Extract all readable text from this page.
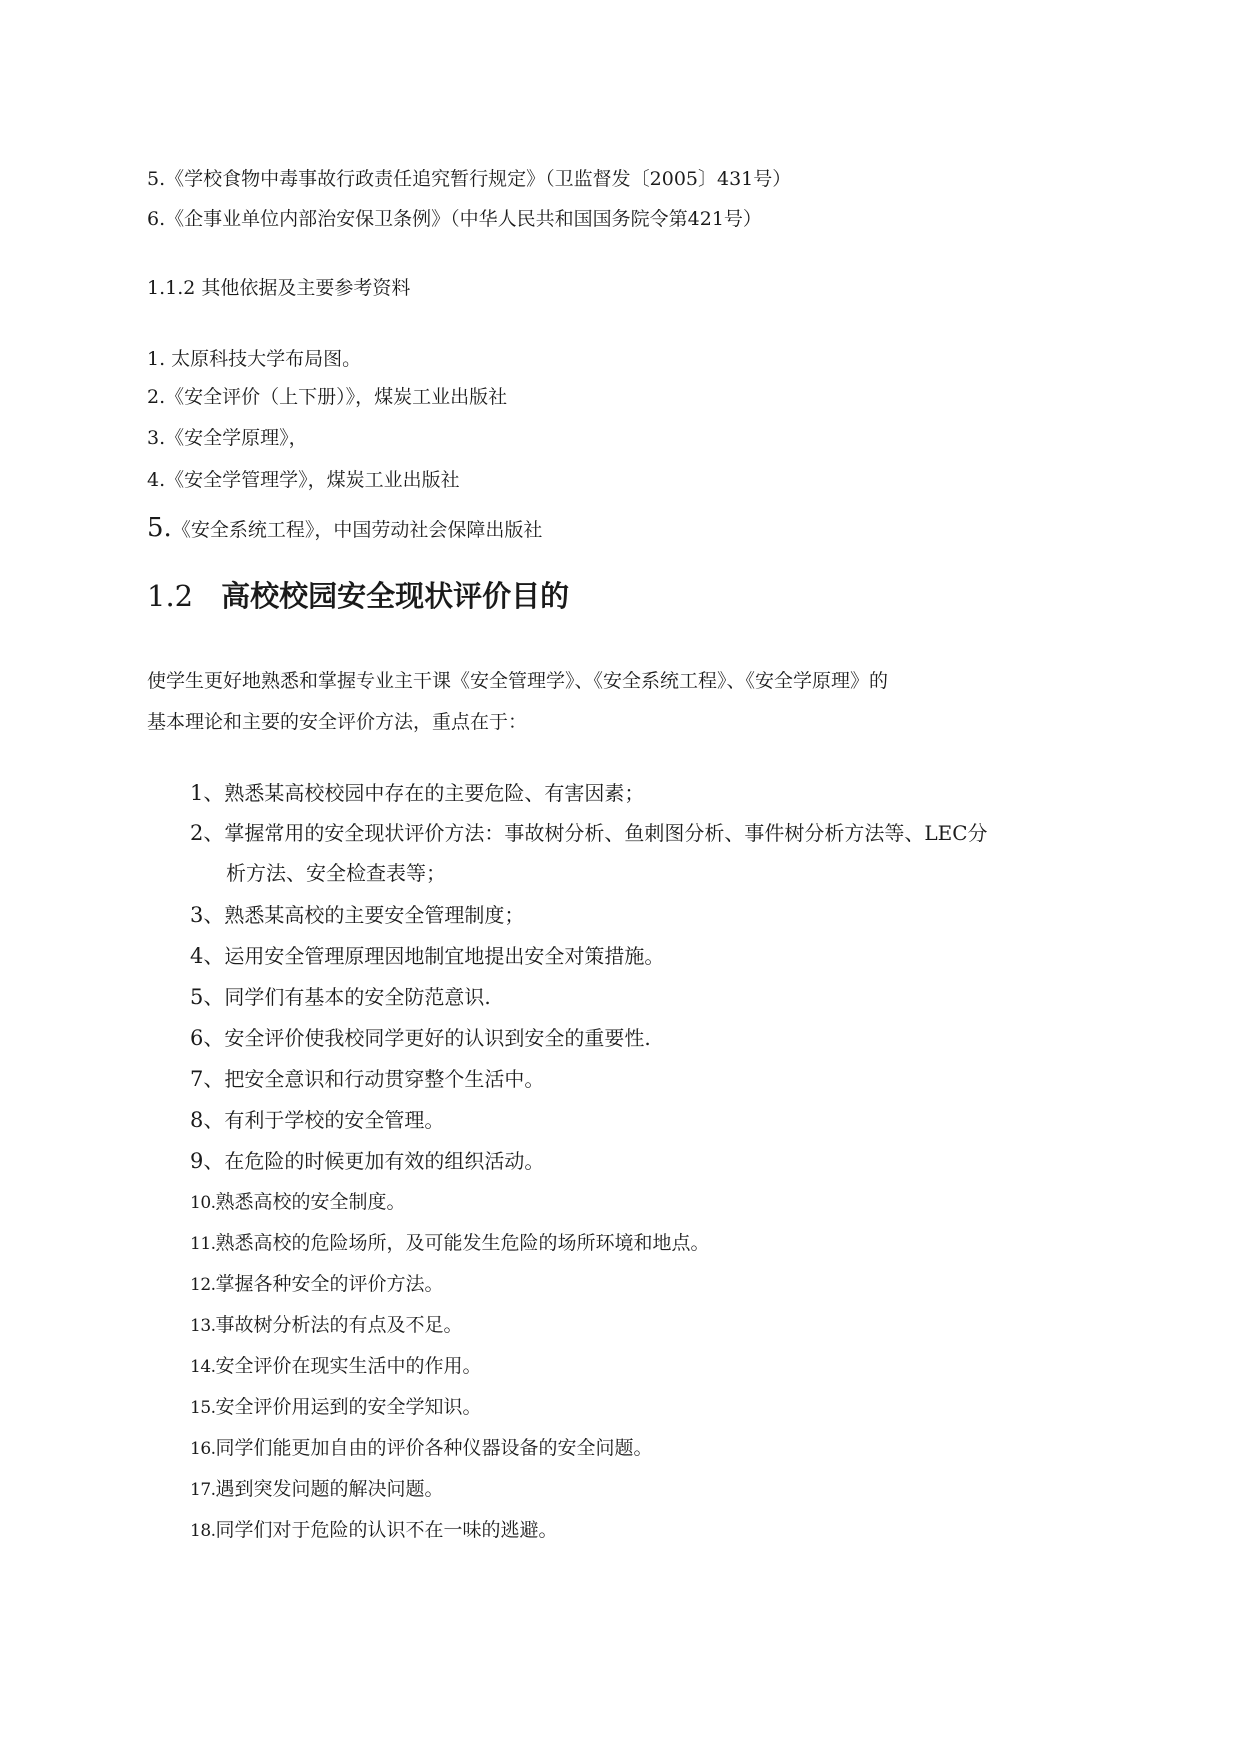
5.《学校食物中毒事故行政责任追究暂行规定》（卫监督发〔2005〕431号）
6.《企事业单位内部治安保卫条例》（中华人民共和国国务院令第421号）
1.1.2 其他依据及主要参考资料
1. 太原科技大学布局图。
2.《安全评价（上下册）》，煤炭工业出版社
3.《安全学原理》，
4.《安全学管理学》，煤炭工业出版社
5.《安全系统工程》，中国劳动社会保障出版社
1.2 高校校园安全现状评价目的
使学生更好地熟悉和掌握专业主干课《安全管理学》、《安全系统工程》、《安全学原理》的
基本理论和主要的安全评价方法，重点在于：
1、熟悉某高校校园中存在的主要危险、有害因素；
2、掌握常用的安全现状评价方法：事故树分析、鱼刺图分析、事件树分析方法等、LEC分
析方法、安全检查表等；
3、熟悉某高校的主要安全管理制度；
4、运用安全管理原理因地制宜地提出安全对策措施。
5、同学们有基本的安全防范意识.
6、安全评价使我校同学更好的认识到安全的重要性.
7、把安全意识和行动贯穿整个生活中。
8、有利于学校的安全管理。
9、在危险的时候更加有效的组织活动。
10.熟悉高校的安全制度。
11.熟悉高校的危险场所，及可能发生危险的场所环境和地点。
12.掌握各种安全的评价方法。
13.事故树分析法的有点及不足。
14.安全评价在现实生活中的作用。
15.安全评价用运到的安全学知识。
16.同学们能更加自由的评价各种仪器设备的安全问题。
17.遇到突发问题的解决问题。
18.同学们对于危险的认识不在一味的逃避。
